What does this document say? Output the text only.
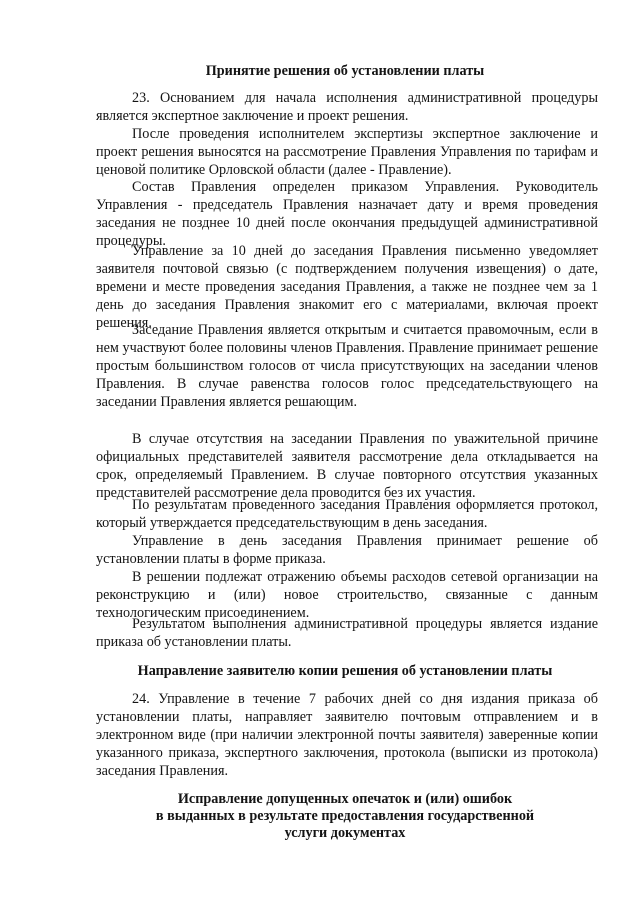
Принятие решения об установлении платы

23. Основанием для начала исполнения административной процедуры является экспертное заключение и проект решения.

После проведения исполнителем экспертизы экспертное заключение и проект решения выносятся на рассмотрение Правления Управления по тарифам и ценовой политике Орловской области (далее - Правление).

Состав Правления определен приказом Управления. Руководитель Управления - председатель Правления назначает дату и время проведения заседания не позднее 10 дней после окончания предыдущей административной процедуры.

Управление за 10 дней до заседания Правления письменно уведомляет заявителя почтовой связью (с подтверждением получения извещения) о дате, времени и месте проведения заседания Правления, а также не позднее чем за 1 день до заседания Правления знакомит его с материалами, включая проект решения.

Заседание Правления является открытым и считается правомочным, если в нем участвуют более половины членов Правления. Правление принимает решение простым большинством голосов от числа присутствующих на заседании членов Правления. В случае равенства голосов голос председательствующего на заседании Правления является решающим.

В случае отсутствия на заседании Правления по уважительной причине официальных представителей заявителя рассмотрение дела откладывается на срок, определяемый Правлением. В случае повторного отсутствия указанных представителей рассмотрение дела проводится без их участия.

По результатам проведенного заседания Правления оформляется протокол, который утверждается председательствующим в день заседания.

Управление в день заседания Правления принимает решение об установлении платы в форме приказа.

В решении подлежат отражению объемы расходов сетевой организации на реконструкцию и (или) новое строительство, связанные с данным технологическим присоединением.

Результатом выполнения административной процедуры является издание приказа об установлении платы.

Направление заявителю копии решения об установлении платы

24. Управление в течение 7 рабочих дней со дня издания приказа об установлении платы, направляет заявителю почтовым отправлением и в электронном виде (при наличии электронной почты заявителя) заверенные копии указанного приказа, экспертного заключения, протокола (выписки из протокола) заседания Правления.

Исправление допущенных опечаток и (или) ошибок

в выданных в результате предоставления государственной

услуги документах
